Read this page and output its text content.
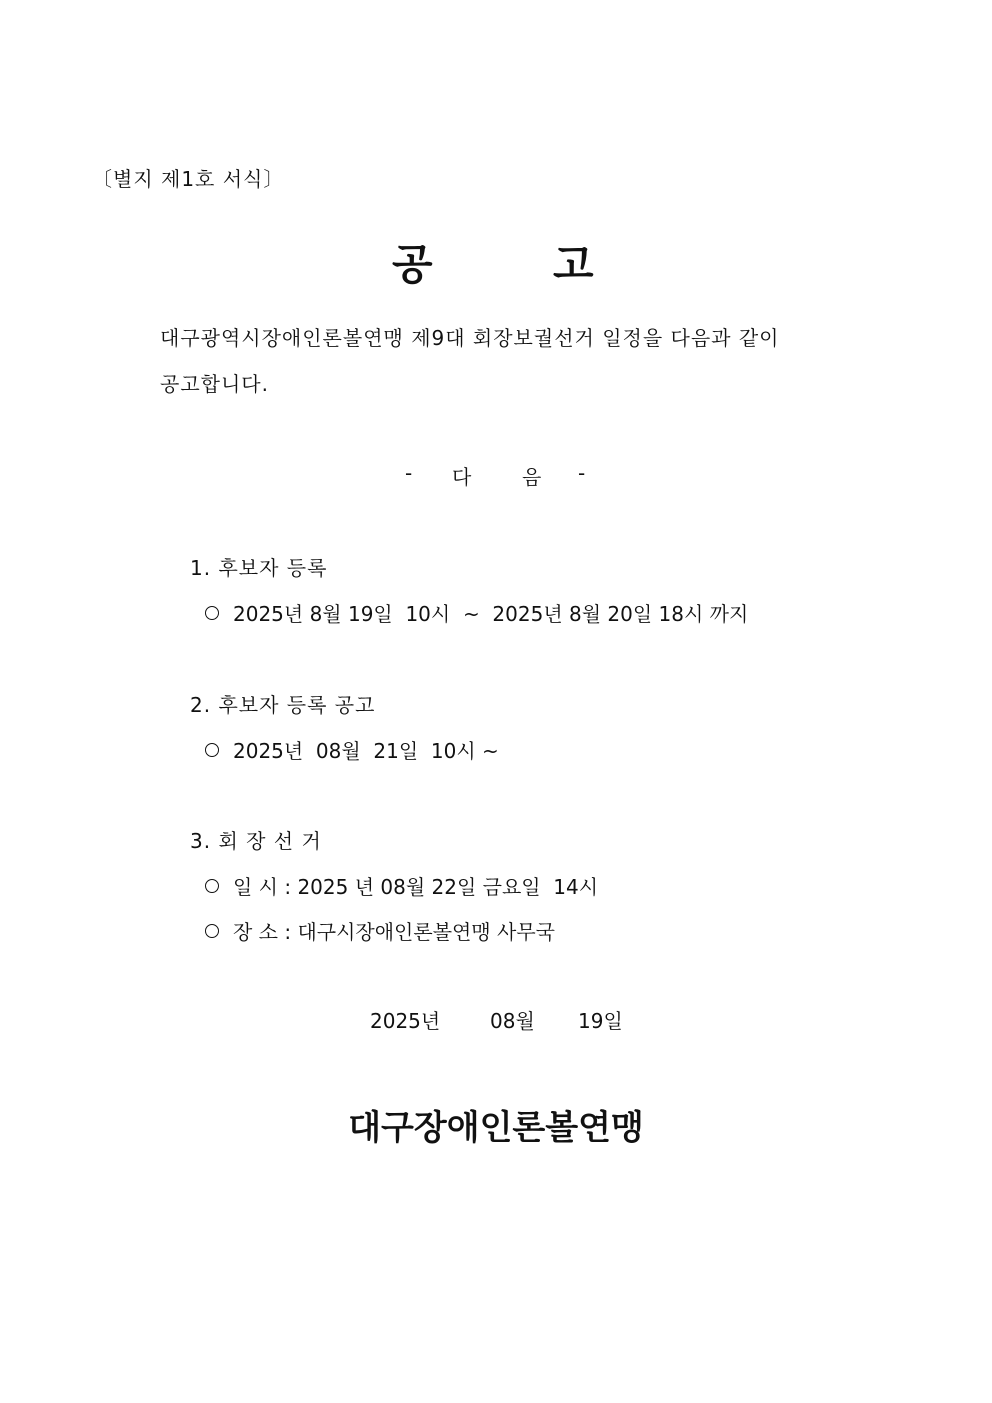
〔별지 제1호 서식〕
공	고
대구광역시장애인론볼연맹 제9대 회장보궐선거 일정을 다음과 같이
공고합니다.
- 다	음 -
1. 후보자 등록
2025년 8월 19일  10시  ~  2025년 8월 20일 18시 까지
2. 후보자 등록 공고
2025년  08월  21일  10시 ~
3. 회 장 선 거
일 시 : 2025 년 08월 22일 금요일  14시
장 소 : 대구시장애인론볼연맹 사무국
2025년 08월 19일
대구장애인론볼연맹
